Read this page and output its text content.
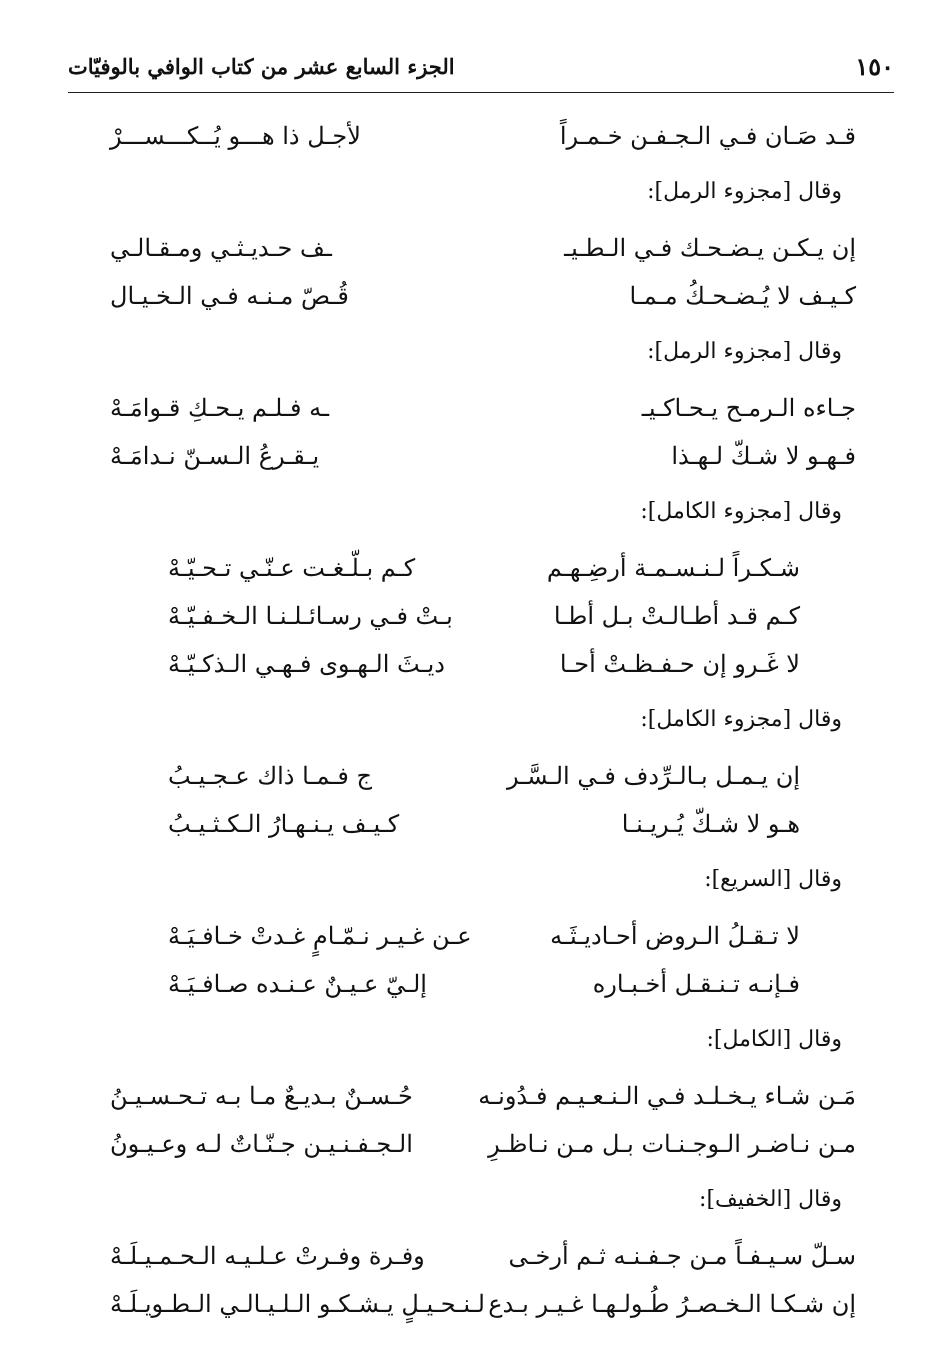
١٥٠
الجزء السابع عشر من كتاب الوافي بالوفيّات
قـد صَـان فـي الـجـفـن خـمـراً
لأجـل ذا هـــو يُــكـــســـرْ
وقال [مجزوء الرمل]:
إن يـكـن يـضـحـك فـي الـطـيـ
ـف حـديـثـي ومـقـالـي
كـيـف لا يُـضـحـكُ مـمـا
قُـصّ مـنـه فـي الـخـيـال
وقال [مجزوء الرمل]:
جـاءه الـرمـح يـحـاكـيـ
ـه فـلـم يـحـكِ قـوامَـهْ
فـهـو لا شـكّ لـهـذا
يـقـرعُ الـسـنّ نـدامَـهْ
وقال [مجزوء الكامل]:
شـكـراً لـنـسـمـة أرضِـهـم
كـم بـلّـغـت عـنّـي تـحـيّـهْ
كـم قـد أطـالـتْ بـل أطـا
بـتْ فـي رسـائـلـنـا الـخـفـيّـهْ
لا غَـرو إن حـفـظـتْ أحـا
ديـثَ الـهـوى فـهـي الـذكـيّـهْ
وقال [مجزوء الكامل]:
إن يـمـل بـالـرِّدف فـي الـسَّـر
ج فـمـا ذاك عـجـيـبُ
هـو لا شـكّ يُـريـنـا
كـيـف يـنـهـارُ الـكـثـيـبُ
وقال [السريع]:
لا تـقـلُ الـروض أحـاديـثَـه
عـن غـيـر نـمّـامٍ غـدتْ خـافـيَـهْ
فـإنـه تـنـقـل أخـبـاره
إلـيّ عـيـنٌ عـنـده صـافـيَـهْ
وقال [الكامل]:
مَـن شـاء يـخـلـد فـي الـنـعـيـم فـدُونـه
حُـسـنٌ بـديـعٌ مـا بـه تـحـسـيـنُ
مـن نـاضـر الـوجـنـات بـل مـن نـاظـرِ
الـجـفـنـيـن جـنّـاتٌ لـه وعـيـونُ
وقال [الخفيف]:
سـلّ سـيـفـاً مـن جـفـنـه ثـم أرخـى
وفـرة وفـرتْ عـلـيـه الـحـمـيـلَـهْ
إن شـكـا الـخـصـرُ طُـولـهـا غـيـر بـدع
لـنـحـيـلٍ يـشـكـو الـلـيـالـي الـطـويـلَـهْ
